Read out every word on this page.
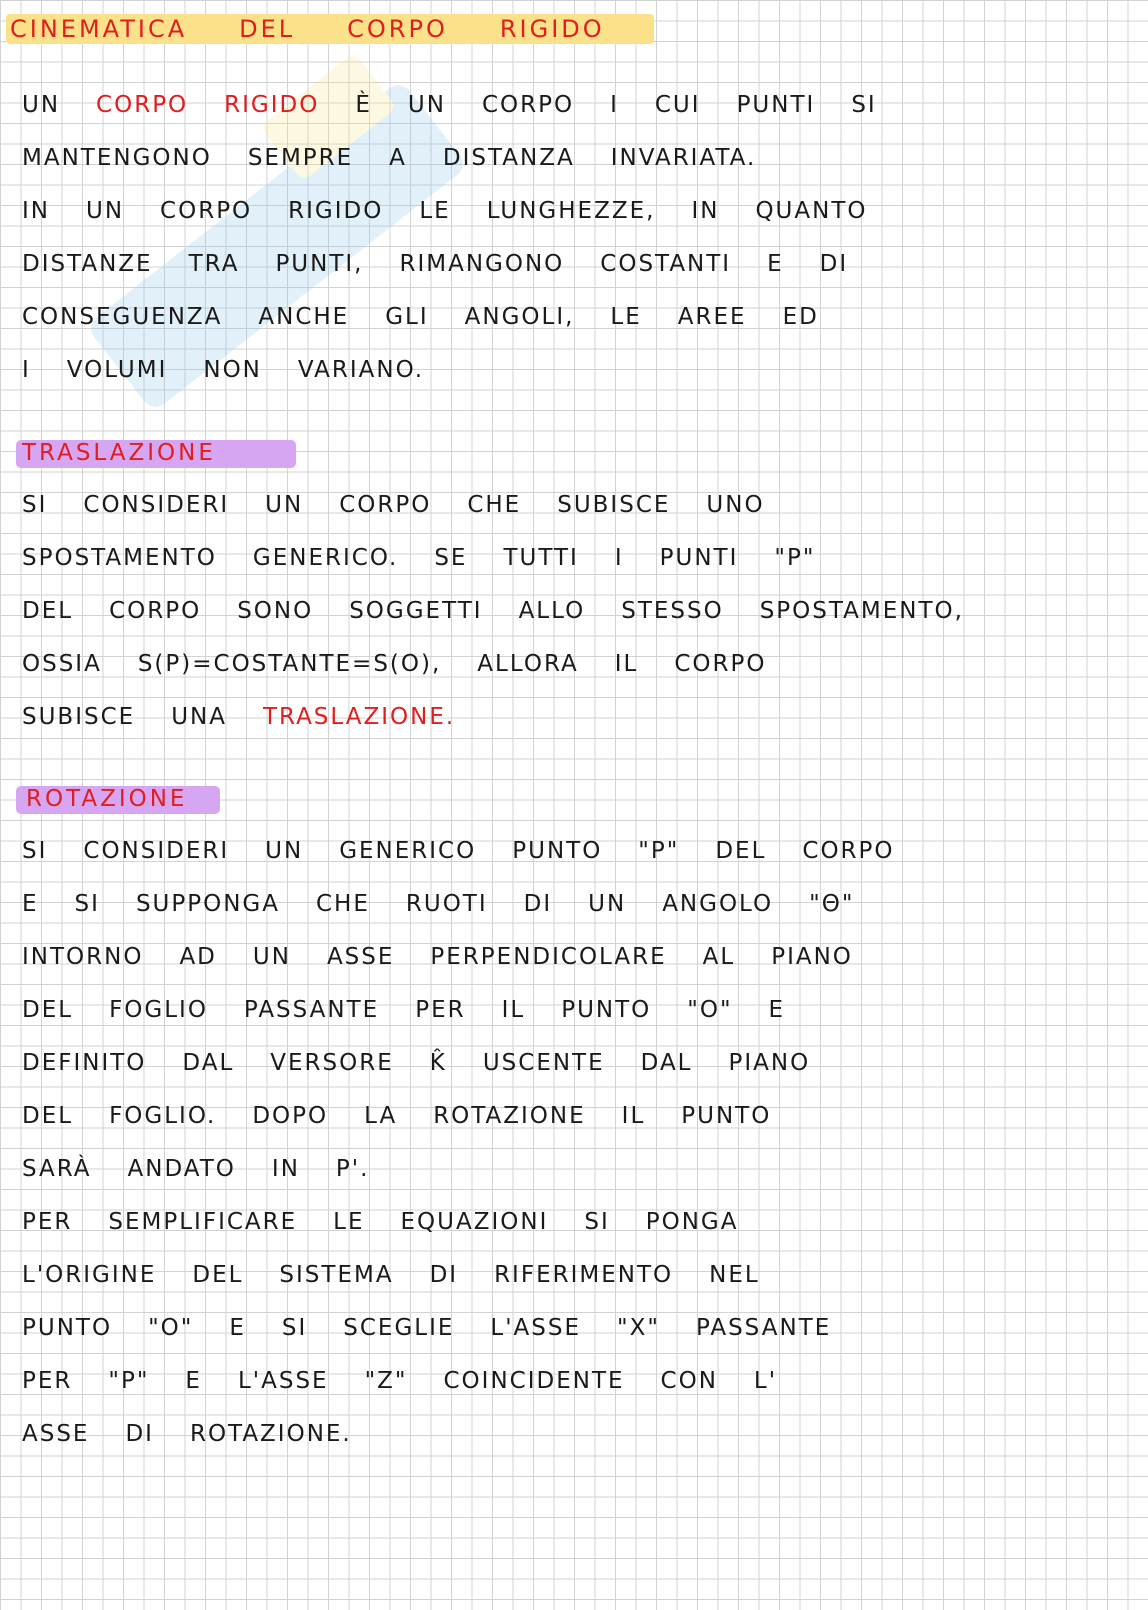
CINEMATICA DEL CORPO RIGIDO
UN CORPO RIGIDO È UN CORPO I CUI PUNTI SI
MANTENGONO SEMPRE A DISTANZA INVARIATA.
IN UN CORPO RIGIDO LE LUNGHEZZE, IN QUANTO
DISTANZE TRA PUNTI, RIMANGONO COSTANTI E DI
CONSEGUENZA ANCHE GLI ANGOLI, LE AREE ED
I VOLUMI NON VARIANO.
TRASLAZIONE
SI CONSIDERI UN CORPO CHE SUBISCE UNO
SPOSTAMENTO GENERICO. SE TUTTI I PUNTI "P"
DEL CORPO SONO SOGGETTI ALLO STESSO SPOSTAMENTO,
OSSIA S(P)=COSTANTE=S(O), ALLORA IL CORPO
SUBISCE UNA TRASLAZIONE.
ROTAZIONE
SI CONSIDERI UN GENERICO PUNTO "P" DEL CORPO
E SI SUPPONGA CHE RUOTI DI UN ANGOLO "Θ"
INTORNO AD UN ASSE PERPENDICOLARE AL PIANO
DEL FOGLIO PASSANTE PER IL PUNTO "O" E
DEFINITO DAL VERSORE K̂ USCENTE DAL PIANO
DEL FOGLIO. DOPO LA ROTAZIONE IL PUNTO
SARÀ ANDATO IN P'.
PER SEMPLIFICARE LE EQUAZIONI SI PONGA
L'ORIGINE DEL SISTEMA DI RIFERIMENTO NEL
PUNTO "O" E SI SCEGLIE L'ASSE "X" PASSANTE
PER "P" E L'ASSE "Z" COINCIDENTE CON L'
ASSE DI ROTAZIONE.
